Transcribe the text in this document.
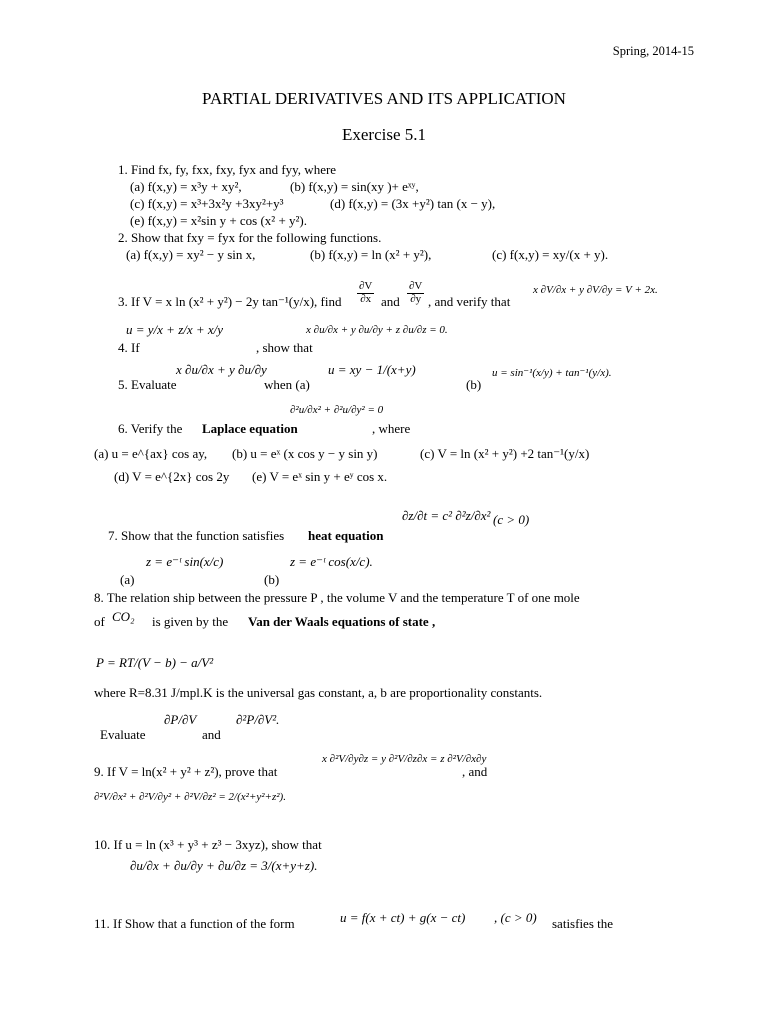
Spring, 2014-15
PARTIAL DERIVATIVES AND ITS APPLICATION
Exercise 5.1
1. Find fx, fy, fxx, fxy, fyx and fyy, where
(a) f(x,y) = x³y + xy²,	(b) f(x,y) = sin(xy )+ eˣʸ,
(c) f(x,y) = x³+3x²y +3xy²+y³	(d) f(x,y) = (3x +y²) tan (x − y),
(e) f(x,y) = x²sin y + cos (x² + y²).
2. Show that fxy = fyx for the following functions.
(a) f(x,y) = xy² − y sin x,	(b) f(x,y) = ln (x² + y²),	(c) f(x,y) = xy/(x + y).
3. If V = x ln (x² + y²) − 2y tan⁻¹(y/x), find $\frac{\partial V}{\partial x}$ and $\frac{\partial V}{\partial y}$ , and verify that
x ∂V/∂x + y ∂V/∂y = V + 2x.
u = y/x + z/x + x/y	x ∂u/∂x + y ∂u/∂y + z ∂u/∂z = 0.
4. If	, show that
x ∂u/∂x + y ∂u/∂y	u = xy − 1/(x+y)	u = sin⁻¹(x/y) + tan⁻¹(y/x).
5. Evaluate	when (a)	(b)
∂²u/∂x² + ∂²u/∂y² = 0
6. Verify the Laplace equation	, where
(a) u = e^{ax} cos ay, (b) u = eˣ (x cos y − y sin y)	(c) V = ln (x² + y²) +2 tan⁻¹(y/x)
(d) V = e^{2x} cos 2y (e) V = eˣ sin y + eʸ cos x.
∂z/∂t = c² ∂²z/∂x² (c > 0)
7. Show that the function satisfies heat equation
z = e⁻ᵗ sin(x/c)	z = e⁻ᵗ cos(x/c).
(a)	(b)
8. The relation ship between the pressure P , the volume V and the temperature T of one mole
of CO₂ is given by the Van der Waals equations of state ,
P = RT/(V − b) − a/V²
where R=8.31 J/mpl.K is the universal gas constant, a, b are proportionality constants.
∂P/∂V	∂²P/∂V².
Evaluate	and
x ∂²V/∂y∂z = y ∂²V/∂z∂x = z ∂²V/∂x∂y
9. If V = ln(x² + y² + z²), prove that	, and
∂²V/∂x² + ∂²V/∂y² + ∂²V/∂z² = 2/(x²+y²+z²).
10. If u = ln (x³ + y³ + z³ − 3xyz), show that
∂u/∂x + ∂u/∂y + ∂u/∂z = 3/(x+y+z).
11. If Show that a function of the form	u = f(x + ct) + g(x − ct) , (c > 0) satisfies the
